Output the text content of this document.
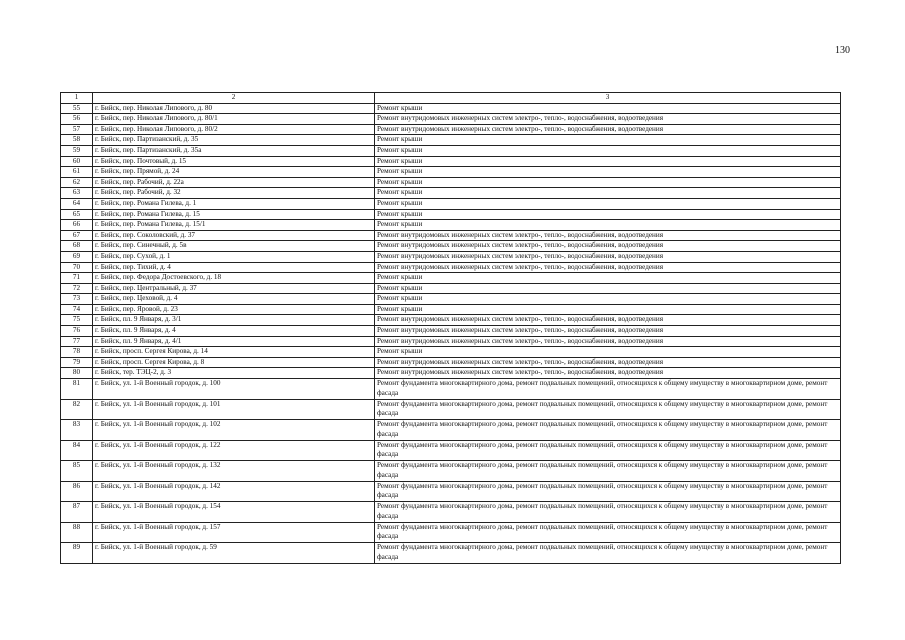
130
1	2	3
55	г. Бийск, пер. Николая Липового, д. 80	Ремонт крыши
56	г. Бийск, пер. Николая Липового, д. 80/1	Ремонт внутридомовых инженерных систем электро-, тепло-, водоснабжения, водоотведения
57	г. Бийск, пер. Николая Липового, д. 80/2	Ремонт внутридомовых инженерных систем электро-, тепло-, водоснабжения, водоотведения
58	г. Бийск, пер. Партизанский, д. 35	Ремонт крыши
59	г. Бийск, пер. Партизанский, д. 35а	Ремонт крыши
60	г. Бийск, пер. Почтовый, д. 15	Ремонт крыши
61	г. Бийск, пер. Прямой, д. 24	Ремонт крыши
62	г. Бийск, пер. Рабочий, д. 22а	Ремонт крыши
63	г. Бийск, пер. Рабочий, д. 32	Ремонт крыши
64	г. Бийск, пер. Романа Гилева, д. 1	Ремонт крыши
65	г. Бийск, пер. Романа Гилева, д. 15	Ремонт крыши
66	г. Бийск, пер. Романа Гилева, д. 15/1	Ремонт крыши
67	г. Бийск, пер. Соколовский, д. 37	Ремонт внутридомовых инженерных систем электро-, тепло-, водоснабжения, водоотведения
68	г. Бийск, пер. Синечный, д. 5в	Ремонт внутридомовых инженерных систем электро-, тепло-, водоснабжения, водоотведения
69	г. Бийск, пер. Сухой, д. 1	Ремонт внутридомовых инженерных систем электро-, тепло-, водоснабжения, водоотведения
70	г. Бийск, пер. Тихий, д. 4	Ремонт внутридомовых инженерных систем электро-, тепло-, водоснабжения, водоотведения
71	г. Бийск, пер. Федора Достоевского, д. 18	Ремонт крыши
72	г. Бийск, пер. Центральный, д. 37	Ремонт крыши
73	г. Бийск, пер. Цеховой, д. 4	Ремонт крыши
74	г. Бийск, пер. Яровой, д. 23	Ремонт крыши
75	г. Бийск, пл. 9 Января, д. 3/1	Ремонт внутридомовых инженерных систем электро-, тепло-, водоснабжения, водоотведения
76	г. Бийск, пл. 9 Января, д. 4	Ремонт внутридомовых инженерных систем электро-, тепло-, водоснабжения, водоотведения
77	г. Бийск, пл. 9 Января, д. 4/1	Ремонт внутридомовых инженерных систем электро-, тепло-, водоснабжения, водоотведения
78	г. Бийск, просп. Сергея Кирова, д. 14	Ремонт крыши
79	г. Бийск, просп. Сергея Кирова, д. 8	Ремонт внутридомовых инженерных систем электро-, тепло-, водоснабжения, водоотведения
80	г. Бийск, тер. ТЭЦ-2, д. 3	Ремонт внутридомовых инженерных систем электро-, тепло-, водоснабжения, водоотведения
81	г. Бийск, ул. 1-й Военный городок, д. 100	Ремонт фундамента многоквартирного дома, ремонт подвальных помещений, относящихся к общему имуществу в многоквартирном доме, ремонт фасада
82	г. Бийск, ул. 1-й Военный городок, д. 101	Ремонт фундамента многоквартирного дома, ремонт подвальных помещений, относящихся к общему имуществу в многоквартирном доме, ремонт фасада
83	г. Бийск, ул. 1-й Военный городок, д. 102	Ремонт фундамента многоквартирного дома, ремонт подвальных помещений, относящихся к общему имуществу в многоквартирном доме, ремонт фасада
84	г. Бийск, ул. 1-й Военный городок, д. 122	Ремонт фундамента многоквартирного дома, ремонт подвальных помещений, относящихся к общему имуществу в многоквартирном доме, ремонт фасада
85	г. Бийск, ул. 1-й Военный городок, д. 132	Ремонт фундамента многоквартирного дома, ремонт подвальных помещений, относящихся к общему имуществу в многоквартирном доме, ремонт фасада
86	г. Бийск, ул. 1-й Военный городок, д. 142	Ремонт фундамента многоквартирного дома, ремонт подвальных помещений, относящихся к общему имуществу в многоквартирном доме, ремонт фасада
87	г. Бийск, ул. 1-й Военный городок, д. 154	Ремонт фундамента многоквартирного дома, ремонт подвальных помещений, относящихся к общему имуществу в многоквартирном доме, ремонт фасада
88	г. Бийск, ул. 1-й Военный городок, д. 157	Ремонт фундамента многоквартирного дома, ремонт подвальных помещений, относящихся к общему имуществу в многоквартирном доме, ремонт фасада
89	г. Бийск, ул. 1-й Военный городок, д. 59	Ремонт фундамента многоквартирного дома, ремонт подвальных помещений, относящихся к общему имуществу в многоквартирном доме, ремонт фасада
